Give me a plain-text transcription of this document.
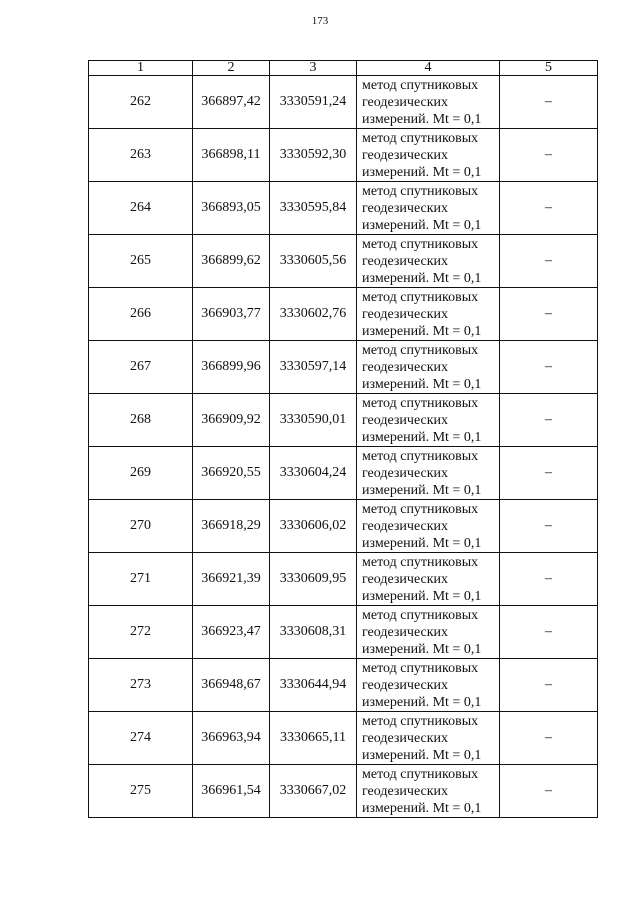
173
1	2	3	4	5
262	366897,42	3330591,24	метод спутниковых
геодезических
измерений. Mt = 0,1	–
263	366898,11	3330592,30	метод спутниковых
геодезических
измерений. Mt = 0,1	–
264	366893,05	3330595,84	метод спутниковых
геодезических
измерений. Mt = 0,1	–
265	366899,62	3330605,56	метод спутниковых
геодезических
измерений. Mt = 0,1	–
266	366903,77	3330602,76	метод спутниковых
геодезических
измерений. Mt = 0,1	–
267	366899,96	3330597,14	метод спутниковых
геодезических
измерений. Mt = 0,1	–
268	366909,92	3330590,01	метод спутниковых
геодезических
измерений. Mt = 0,1	–
269	366920,55	3330604,24	метод спутниковых
геодезических
измерений. Mt = 0,1	–
270	366918,29	3330606,02	метод спутниковых
геодезических
измерений. Mt = 0,1	–
271	366921,39	3330609,95	метод спутниковых
геодезических
измерений. Mt = 0,1	–
272	366923,47	3330608,31	метод спутниковых
геодезических
измерений. Mt = 0,1	–
273	366948,67	3330644,94	метод спутниковых
геодезических
измерений. Mt = 0,1	–
274	366963,94	3330665,11	метод спутниковых
геодезических
измерений. Mt = 0,1	–
275	366961,54	3330667,02	метод спутниковых
геодезических
измерений. Mt = 0,1	–
